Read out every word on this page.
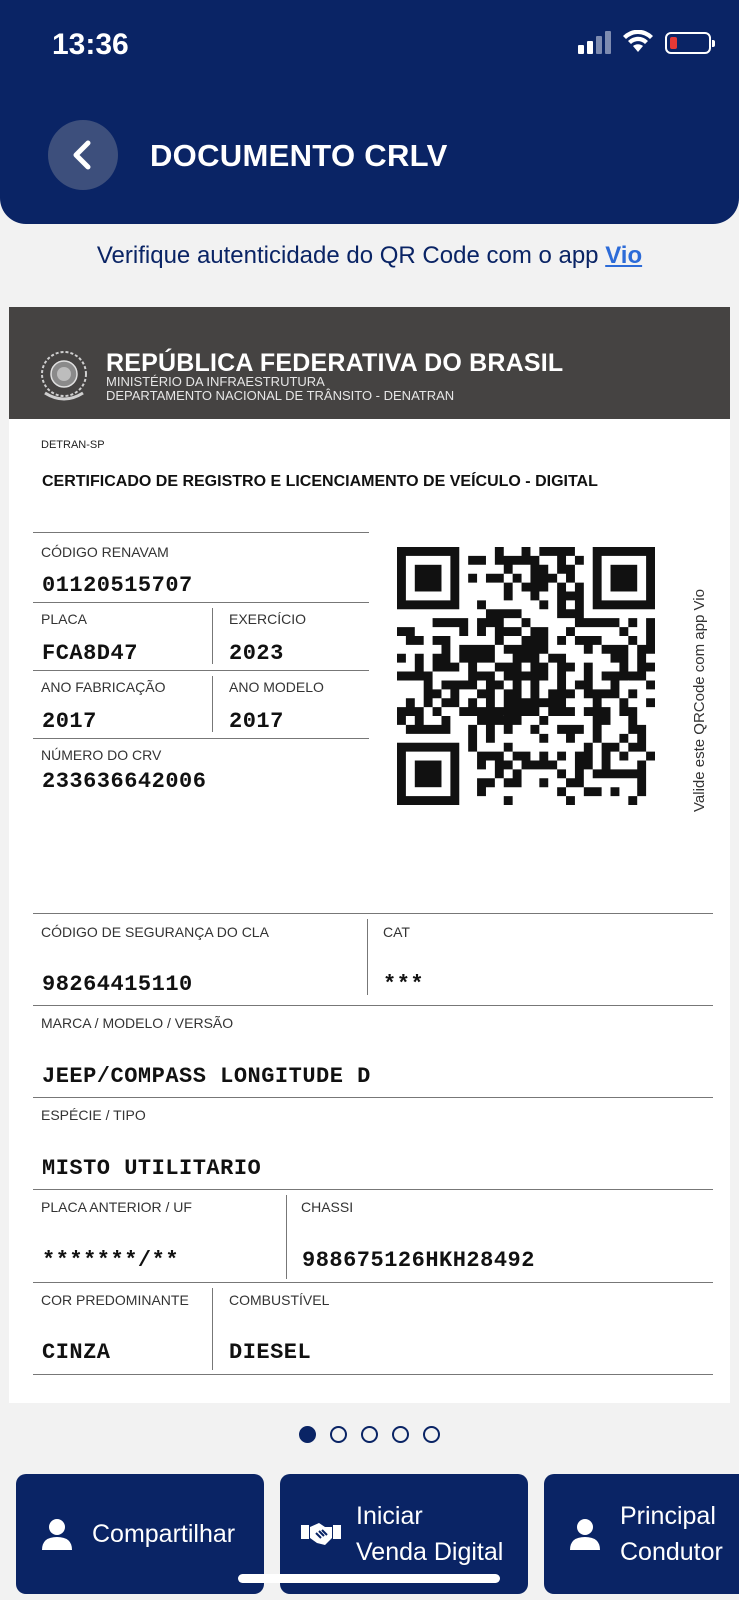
13:36
DOCUMENTO CRLV
Verifique autenticidade do QR Code com o app Vio
REPÚBLICA FEDERATIVA DO BRASIL
MINISTÉRIO DA INFRAESTRUTURA
DEPARTAMENTO NACIONAL DE TRÂNSITO - DENATRAN
DETRAN-SP
CERTIFICADO DE REGISTRO E LICENCIAMENTO DE VEÍCULO - DIGITAL
CÓDIGO RENAVAM
01120515707
PLACA	EXERCÍCIO
FCA8D47	2023
ANO FABRICAÇÃO	ANO MODELO
2017	2017
NÚMERO DO CRV
233636642006	Valide este QRCode com app Vio
CÓDIGO DE SEGURANÇA DO CLA	CAT
98264415110	***
MARCA / MODELO / VERSÃO
JEEP/COMPASS LONGITUDE D
ESPÉCIE / TIPO
MISTO UTILITARIO
PLACA ANTERIOR / UF	CHASSI
*******/**	988675126HKH28492
COR PREDOMINANTE	COMBUSTÍVEL
CINZA	DIESEL
Compartilhar
Iniciar
Venda Digital
Principal
Condutor
